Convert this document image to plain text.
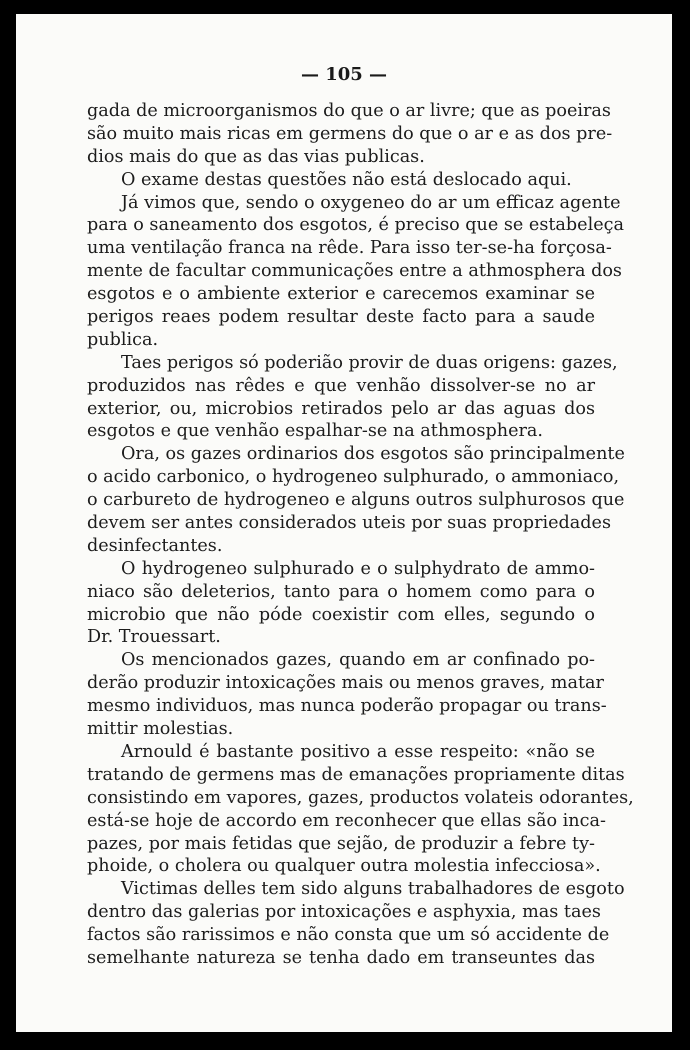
— 105 —
gada de microorganismos do que o ar livre; que as poeiras
são muito mais ricas em germens do que o ar e as dos pre-
dios mais do que as das vias publicas.
O exame destas questões não está deslocado aqui.
Já vimos que, sendo o oxygeneo do ar um efficaz agente
para o saneamento dos esgotos, é preciso que se estabeleça
uma ventilação franca na rêde. Para isso ter-se-ha forçosa-
mente de facultar communicações entre a athmosphera dos
esgotos e o ambiente exterior e carecemos examinar se
perigos reaes podem resultar deste facto para a saude
publica.
Taes perigos só poderião provir de duas origens: gazes,
produzidos nas rêdes e que venhão dissolver-se no ar
exterior, ou, microbios retirados pelo ar das aguas dos
esgotos e que venhão espalhar-se na athmosphera.
Ora, os gazes ordinarios dos esgotos são principalmente
o acido carbonico, o hydrogeneo sulphurado, o ammoniaco,
o carbureto de hydrogeneo e alguns outros sulphurosos que
devem ser antes considerados uteis por suas propriedades
desinfectantes.
O hydrogeneo sulphurado e o sulphydrato de ammo-
niaco são deleterios, tanto para o homem como para o
microbio que não póde coexistir com elles, segundo o
Dr. Trouessart.
Os mencionados gazes, quando em ar confinado po-
derão produzir intoxicações mais ou menos graves, matar
mesmo individuos, mas nunca poderão propagar ou trans-
mittir molestias.
Arnould é bastante positivo a esse respeito: «não se
tratando de germens mas de emanações propriamente ditas
consistindo em vapores, gazes, productos volateis odorantes,
está-se hoje de accordo em reconhecer que ellas são inca-
pazes, por mais fetidas que sejão, de produzir a febre ty-
phoide, o cholera ou qualquer outra molestia infecciosa».
Victimas delles tem sido alguns trabalhadores de esgoto
dentro das galerias por intoxicações e asphyxia, mas taes
factos são rarissimos e não consta que um só accidente de
semelhante natureza se tenha dado em transeuntes das
